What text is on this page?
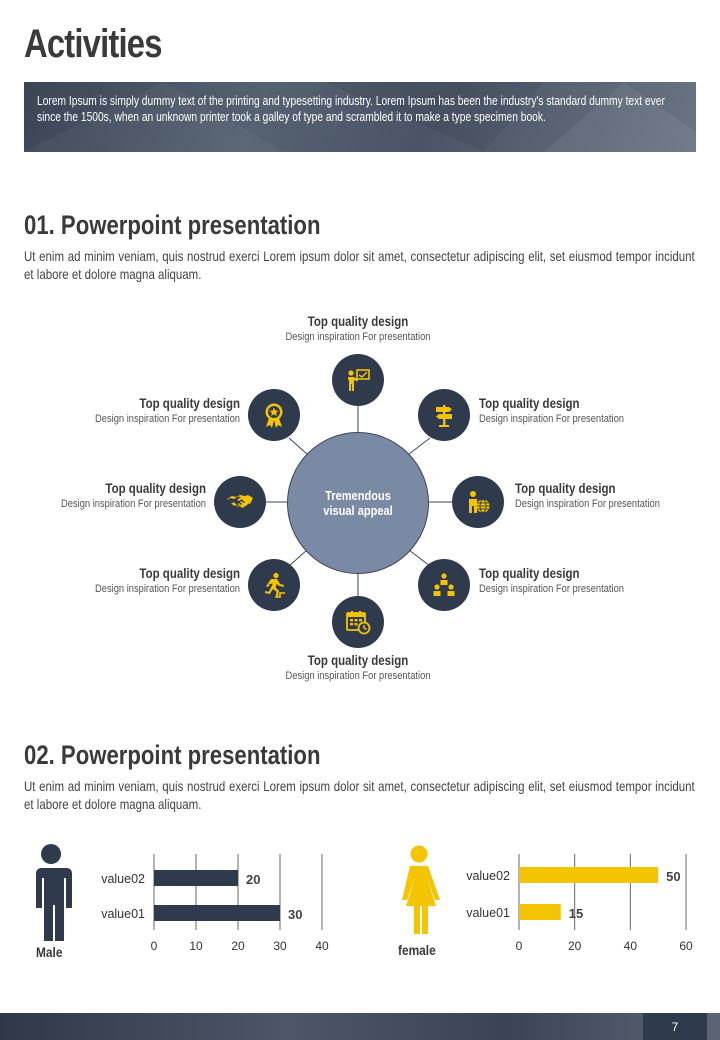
Activities
Lorem Ipsum is simply dummy text of the printing and typesetting industry. Lorem Ipsum has been the industry's standard dummy text ever since the 1500s, when an unknown printer took a galley of type and scrambled it to make a type specimen book.
01. Powerpoint presentation
Ut enim ad minim veniam, quis nostrud exerci Lorem ipsum dolor sit amet, consectetur adipiscing elit, set eiusmod tempor incidunt et labore et dolore magna aliquam.
Tremendous visual appeal
Top quality design
Design inspiration For presentation
Top quality design
Design inspiration For presentation
Top quality design
Design inspiration For presentation
Top quality design
Design inspiration For presentation
Top quality design
Design inspiration For presentation
Top quality design
Design inspiration For presentation
Top quality design
Design inspiration For presentation
Top quality design
Design inspiration For presentation
02. Powerpoint presentation
Ut enim ad minim veniam, quis nostrud exerci Lorem ipsum dolor sit amet, consectetur adipiscing elit, set eiusmod tempor incidunt et labore et dolore magna aliquam.
Male	female
0	10 20 30 40
value02	20
value01	30
0	20	40	60
value02	50
value01	15
7
